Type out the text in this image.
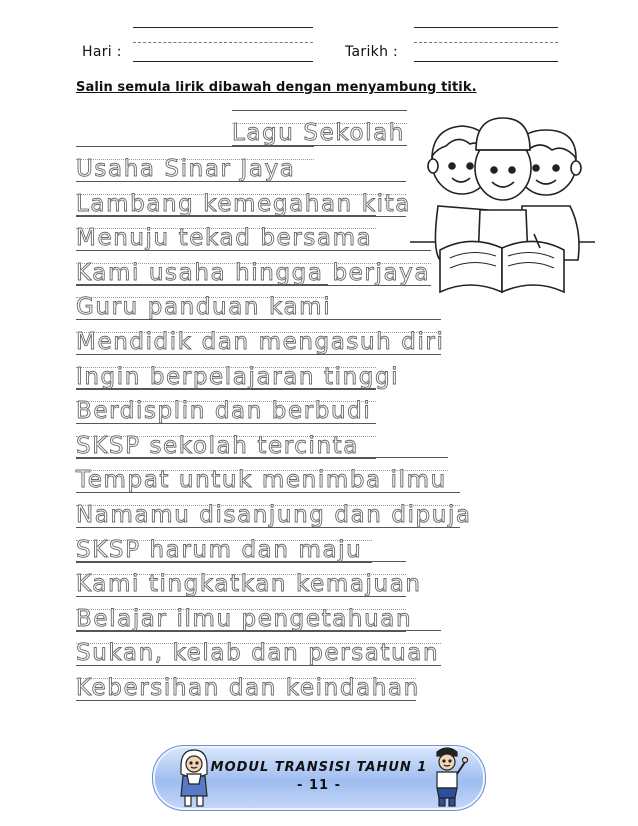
Hari :	Tarikh :
Salin semula lirik dibawah dengan menyambung titik.
Lagu Sekolah
Usaha Sinar Jaya
Lambang kemegahan kita
Menuju tekad bersama
Kami usaha hingga berjaya
Guru panduan kami
Mendidik dan mengasuh diri
Ingin berpelajaran tinggi
Berdisplin dan berbudi
SKSP sekolah tercinta
Tempat untuk menimba ilmu
Namamu disanjung dan dipuja
SKSP harum dan maju
Kami tingkatkan kemajuan
Belajar ilmu pengetahuan
Sukan, kelab dan persatuan
Kebersihan dan keindahan
MODUL TRANSISI TAHUN 1
- 11 -
